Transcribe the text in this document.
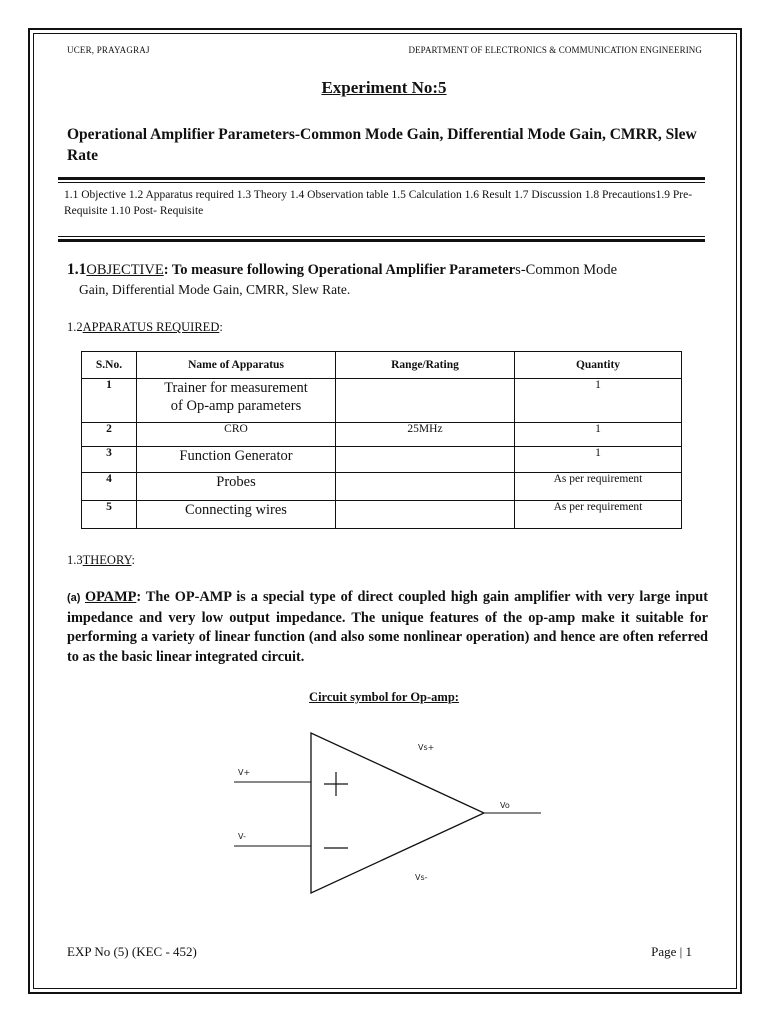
UCER, PRAYAGRAJ	DEPARTMENT OF ELECTRONICS & COMMUNICATION ENGINEERING
Experiment No:5
Operational Amplifier Parameters-Common Mode Gain, Differential Mode Gain, CMRR, Slew Rate
1.1 Objective 1.2 Apparatus required 1.3 Theory 1.4 Observation table 1.5 Calculation 1.6 Result 1.7 Discussion 1.8 Precautions1.9 Pre-Requisite 1.10 Post- Requisite
1.1OBJECTIVE: To measure following Operational Amplifier Parameters-Common Mode
Gain, Differential Mode Gain, CMRR, Slew Rate.
1.2APPARATUS REQUIRED:
S.No.	Name of Apparatus	Range/Rating	Quantity
1	Trainer for measurement
of Op-amp parameters		1
2	CRO	25MHz	1
3	Function Generator		1
4	Probes		As per requirement
5	Connecting wires		As per requirement
1.3THEORY:
(a) OPAMP: The OP-AMP is a special type of direct coupled high gain amplifier with very large input impedance and very low output impedance. The unique features of the op-amp make it suitable for performing a variety of linear function (and also some nonlinear operation) and hence are often referred to as the basic linear integrated circuit.
Circuit symbol for Op-amp:
V+
V-
Vs+
Vs-
Vo
EXP No (5) (KEC - 452)	Page | 1
